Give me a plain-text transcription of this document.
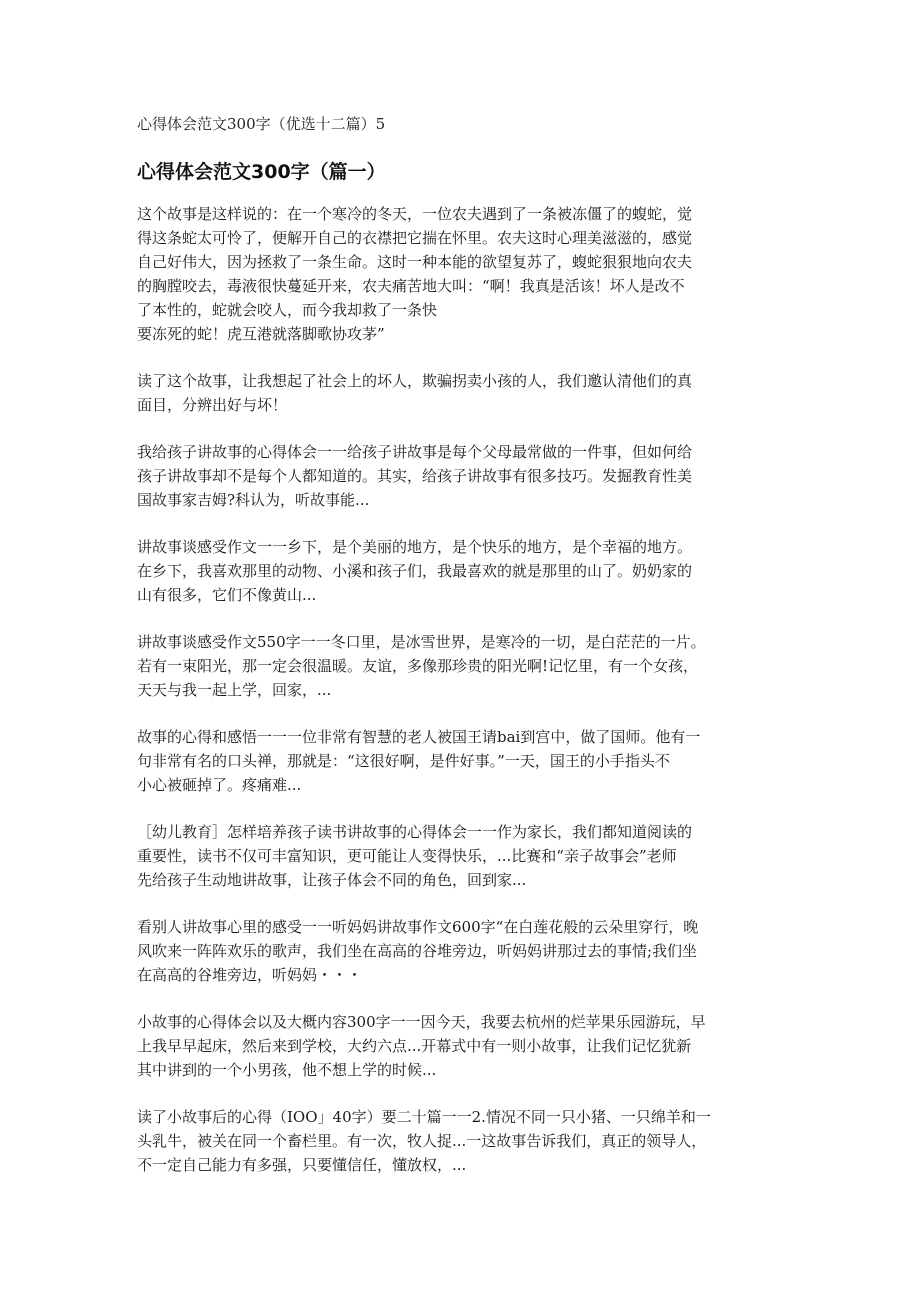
心得体会范文300字（优选十二篇）5
心得体会范文300字（篇一）

这个故事是这样说的：在一个寒冷的冬天，一位农夫遇到了一条被冻僵了的蝮蛇，觉
得这条蛇太可怜了，便解开自己的衣襟把它揣在怀里。农夫这时心理美滋滋的，感觉
自己好伟大，因为拯救了一条生命。这时一种本能的欲望复苏了，蝮蛇狠狠地向农夫
的胸膛咬去，毒液很快蔓延开来，农夫痛苦地大叫：“啊！我真是活该！坏人是改不
了本性的，蛇就会咬人，而今我却救了一条快
要冻死的蛇！虎互港就落脚歌协攻茅”

读了这个故事，让我想起了社会上的坏人，欺骗拐卖小孩的人，我们邀认清他们的真
面目，分辨出好与坏！

我给孩子讲故事的心得体会一一给孩子讲故事是每个父母最常做的一件事，但如何给
孩子讲故事却不是每个人都知道的。其实，给孩子讲故事有很多技巧。发掘教育性美
国故事家吉姆?科认为，听故事能...

讲故事谈感受作文一一乡下，是个美丽的地方，是个快乐的地方，是个幸福的地方。
在乡下，我喜欢那里的动物、小溪和孩子们，我最喜欢的就是那里的山了。奶奶家的
山有很多，它们不像黄山...

讲故事谈感受作文550字一一冬口里，是冰雪世界，是寒冷的一切，是白茫茫的一片。
若有一束阳光，那一定会很温暖。友谊，多像那珍贵的阳光啊!记忆里，有一个女孩，
天天与我一起上学，回家，...

故事的心得和感悟一一一位非常有智慧的老人被国王请bai到宫中，做了国师。他有一
句非常有名的口头禅，那就是：“这很好啊，是件好事。”一天，国王的小手指头不
小心被砸掉了。疼痛难...

［幼儿教育］怎样培养孩子读书讲故事的心得体会一一作为家长，我们都知道阅读的
重要性，读书不仅可丰富知识，更可能让人变得快乐，...比赛和“亲子故事会”老师
先给孩子生动地讲故事，让孩子体会不同的角色，回到家...

看别人讲故事心里的感受一一听妈妈讲故事作文600字“在白莲花般的云朵里穿行，晚
风吹来一阵阵欢乐的歌声，我们坐在高高的谷堆旁边，听妈妈讲那过去的事情;我们坐
在高高的谷堆旁边，听妈妈・・・

小故事的心得体会以及大概内容300字一一因今天，我要去杭州的烂苹果乐园游玩，早
上我早早起床，然后来到学校，大约六点...开幕式中有一则小故事，让我们记忆犹新
其中讲到的一个小男孩，他不想上学的时候...

读了小故事后的心得（IOO」40字）要二十篇一一2.情况不同一只小猪、一只绵羊和一
头乳牛，被关在同一个畜栏里。有一次，牧人捉...一这故事告诉我们，真正的领导人，
不一定自己能力有多强，只要懂信任，懂放权，...
